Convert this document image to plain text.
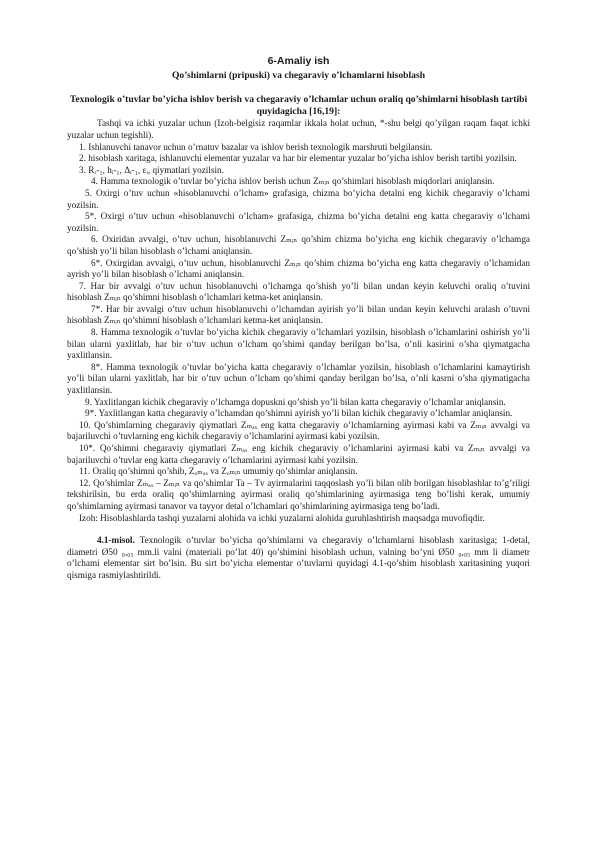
6-Amaliy ish
Qo’shimlarni (pripuski) va chegaraviy o’lchamlarni hisoblash
Texnologik o’tuvlar bo’yicha ishlov berish va chegaraviy o’lchamlar uchun oraliq qo’shimlarni hisoblash tartibi quyidagicha [16,19]:

Tashqi va ichki yuzalar uchun (Izoh-belgisiz raqamlar ikkala holat uchun, *-shu belgi qo’yilgan raqam faqat ichki yuzalar uchun tegishli).

1. Ishlanuvchi tanavor uchun o’rnatuv bazalar va ishlov berish texnologik marshruti belgilansin.

2. hisoblash xaritaga, ishlanuvchi elementar yuzalar va har bir elementar yuzalar bo’yicha ishlov berish tartibi yozilsin.

3. Rᵣ-₁, hᵢ-₁, Δᵢ-₁, εᵢ, qiymatlari yozilsin.

4. Hamma texnologik o’tuvlar bo’yicha ishlov berish uchun Zₘᵢₙ qo’shimlari hisoblash miqdorlari aniqlansin.

5. Oxirgi o’tuv uchun «hisoblanuvchi o’lcham» grafasiga, chizma bo’yicha detalni eng kichik chegaraviy o’lchami yozilsin.

5*. Oxirgi o’tuv uchun «hisoblanuvchi o’lcham» grafasiga, chizma bo’yicha detalni eng katta chegaraviy o’lchami yozilsin.

6. Oxiridan avvalgi, o’tuv uchun, hisoblanuvchi Zₘᵢₙ qo’shim chizma bo’yicha eng kichik chegaraviy o’lchamga qo’shish yo’li bilan hisoblash o’lchami aniqlansin.

6*. Oxirgidan avvalgi, o’tuv uchun, hisoblanuvchi Zₘᵢₙ qo’shim chizma bo’yicha eng katta chegaraviy o’lchamidan ayrish yo’li bilan hisoblash o’lchami aniqlansin.

7. Har bir avvalgi o’tuv uchun hisoblanuvchi o’lchamga qo’shish yo’li bilan undan keyin keluvchi oraliq o’tuvini hisoblash Zₘᵢₙ qo’shimni hisoblash o’lchamlari ketma-ket aniqlansin.

7*. Har bir avvalgi o’tuv uchun hisoblanuvchi o’lchamdan ayirish yo’li bilan undan keyin keluvchi aralash o’tuvni hisoblash Zₘᵢₙ qo’shimni hisoblash o’lchamlari ketma-ket aniqlansin.

8. Hamma texnologik o’tuvlar bo’yicha kichik chegaraviy o’lchamlari yozilsin, hisoblash o’lchamlarini oshirish yo’li bilan ularni yaxlitlab, har bir o’tuv uchun o’lcham qo’shimi qanday berilgan bo’lsa, o’nli kasirini o’sha qiymatgacha yaxlitlansin.

8*. Hamma texnologik o’tuvlar bo’yicha katta chegaraviy o’lchamlar yozilsin, hisoblash o’lchamlarini kamaytirish yo’li bilan ularni yaxlitlab, har bir o’tuv uchun o’lcham qo’shimi qanday berilgan bo’lsa, o’nli kasrni o’sha qiymatigacha yaxlitlansin.

9. Yaxlitlangan kichik chegaraviy o’lchamga dopuskni qo’shish yo’li bilan katta chegaraviy o’lchamlar aniqlansin.

9*. Yaxlitlangan katta chegaraviy o’lchamdan qo’shimni ayirish yo’li bilan kichik chegaraviy o’lchamlar aniqlansin.

10. Qo’shimlarning chegaraviy qiymatlari Zₘₐₓ eng katta chegaraviy o’lchamlarning ayirmasi kabi va Zₘᵢₙ avvalgi va bajariluvchi o’tuvlarning eng kichik chegaraviy o’lchamlarini ayirmasi kabi yozilsin.

10*. Qo’shimni chegaraviy qiymatlari Zₘₐₓ eng kichik chegaraviy o’lchamlarini ayirmasi kabi va Zₘᵢₙ avvalgi va bajariluvchi o’tuvlar eng katta chegaraviy o’lchamlarini ayirmasi kabi yozilsin.

11. Oraliq qo’shimni qo’shib, Zₒₘₐₓ va Zₒₘᵢₙ umumiy qo’shimlar aniqlansin.

12. Qo’shimlar Zₘₐₓ – Zₘᵢₙ va qo’shimlar Ta – Tv ayirmalarini taqqoslash yo’li bilan olib borilgan hisoblashlar to’g’riligi tekshirilsin, bu erda oraliq qo’shimlarning ayirmasi oraliq qo’shimlarining ayirmasiga teng bo’lishi kerak, umumiy qo’shimlarning ayirmasi tanavor va tayyor detal o’lchamlari qo’shimlarining ayirmasiga teng bo’ladi.

Izoh: Hisoblashlarda tashqi yuzalarni alohida va ichki yuzalarni alohida guruhlashtirish maqsadga muvofiqdir.

4.1-misol. Texnologik o’tuvlar bo’yicha qo’shimlarni va chegaraviy o’lchamlarni hisoblash xaritasiga; 1-detal, diametri Ø50 ₀,₀₅ mm.li valni (materiali po’lat 40) qo’shimini hisoblash uchun, valning bo’yni Ø50 ₀,₀₅ mm li diametr o’lchami elementar sirt bo’lsin. Bu sirt bo’yicha elementar o’tuvlarni quyidagi 4.1-qo’shim hisoblash xaritasining yuqori qismiga rasmiylashtirildi.
